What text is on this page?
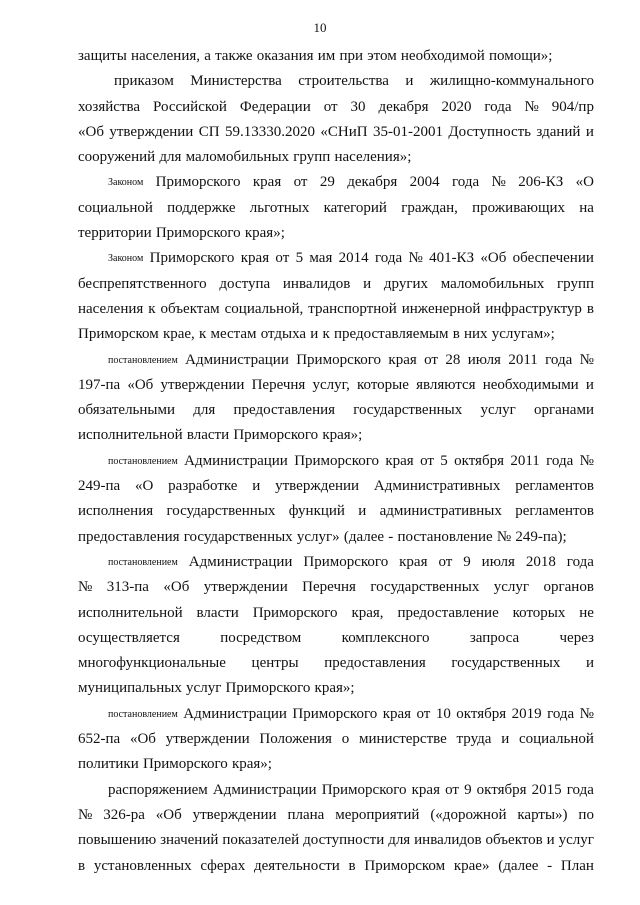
10
защиты населения, а также оказания им при этом необходимой помощи»;
приказом Министерства строительства и жилищно-коммунального
хозяйства Российской Федерации от 30 декабря 2020 года № 904/пр
«Об утверждении СП 59.13330.2020 «СНиП 35-01-2001 Доступность зданий и
сооружений для маломобильных групп населения»;
Законом Приморского края от 29 декабря 2004 года № 206-КЗ «О
социальной поддержке льготных категорий граждан, проживающих на
территории Приморского края»;
Законом Приморского края от 5 мая 2014 года № 401-КЗ «Об обеспечении
беспрепятственного доступа инвалидов и других маломобильных групп
населения к объектам социальной, транспортной инженерной инфраструктур в
Приморском крае, к местам отдыха и к предоставляемым в них услугам»;
постановлением Администрации Приморского края от 28 июля 2011 года №
197-па «Об утверждении Перечня услуг, которые являются необходимыми и
обязательными для предоставления государственных услуг органами
исполнительной власти Приморского края»;
постановлением Администрации Приморского края от 5 октября 2011 года №
249-па «О разработке и утверждении Административных регламентов
исполнения государственных функций и административных регламентов
предоставления государственных услуг» (далее - постановление № 249-па);
постановлением Администрации Приморского края от 9 июля 2018 года
№ 313-па «Об утверждении Перечня государственных услуг органов
исполнительной власти Приморского края, предоставление которых не
осуществляется	посредством	комплексного	запроса	через
многофункциональные центры предоставления государственных и
муниципальных услуг Приморского края»;
постановлением Администрации Приморского края от 10 октября 2019 года №
652-па «Об утверждении Положения о министерстве труда и социальной
политики Приморского края»;
распоряжением Администрации Приморского края от 9 октября 2015 года
№ 326-ра «Об утверждении плана мероприятий («дорожной карты») по
повышению значений показателей доступности для инвалидов объектов и услуг
в установленных сферах деятельности в Приморском крае» (далее - План
